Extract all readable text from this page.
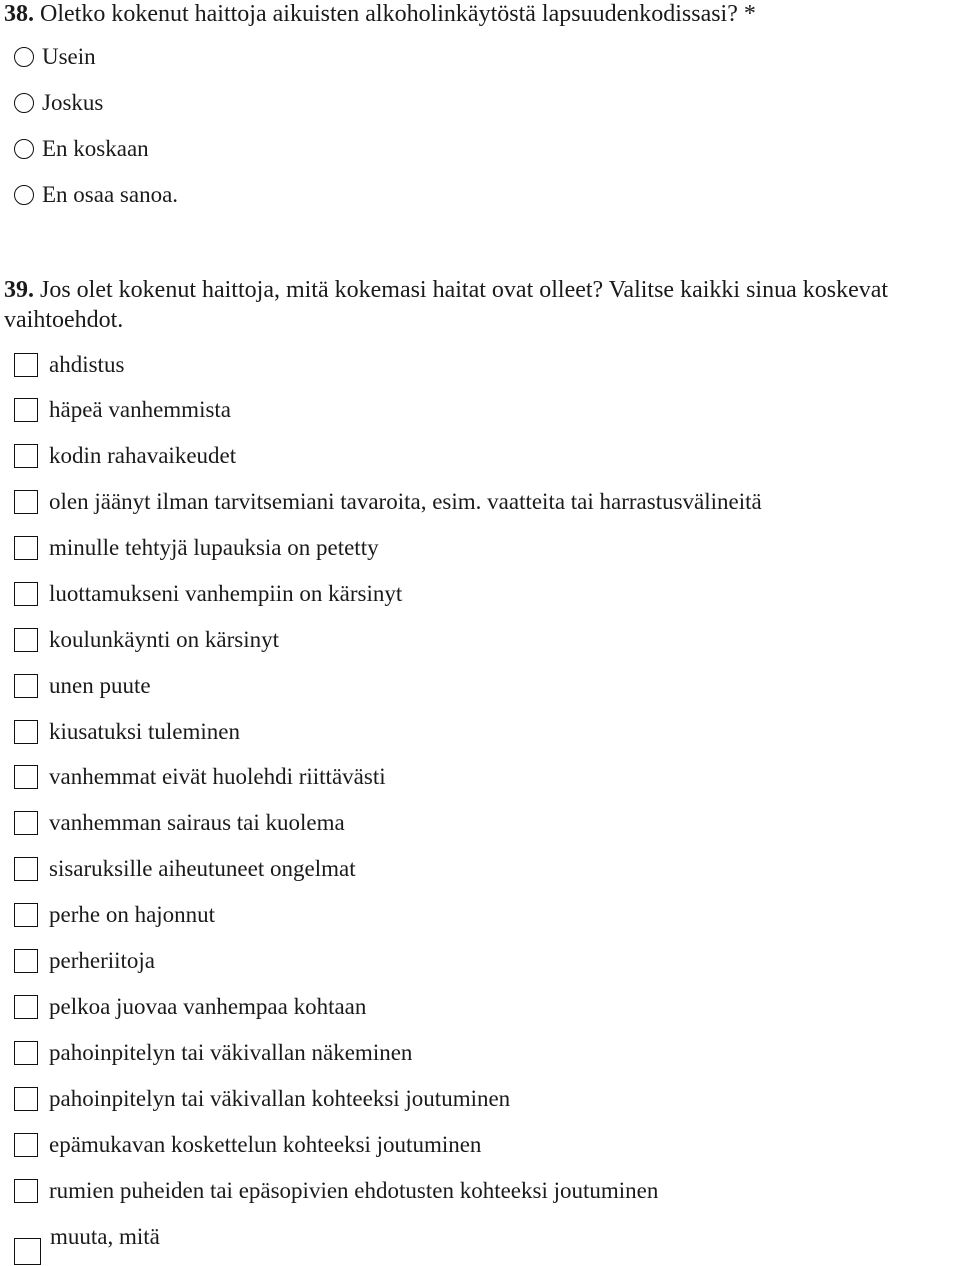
38. Oletko kokenut haittoja aikuisten alkoholinkäytöstä lapsuudenkodissasi? *
Usein
Joskus
En koskaan
En osaa sanoa.
39. Jos olet kokenut haittoja, mitä kokemasi haitat ovat olleet? Valitse kaikki sinua koskevat vaihtoehdot.
ahdistus
häpeä vanhemmista
kodin rahavaikeudet
olen jäänyt ilman tarvitsemiani tavaroita, esim. vaatteita tai harrastusvälineitä
minulle tehtyjä lupauksia on petetty
luottamukseni vanhempiin on kärsinyt
koulunkäynti on kärsinyt
unen puute
kiusatuksi tuleminen
vanhemmat eivät huolehdi riittävästi
vanhemman sairaus tai kuolema
sisaruksille aiheutuneet ongelmat
perhe on hajonnut
perheriitoja
pelkoa juovaa vanhempaa kohtaan
pahoinpitelyn tai väkivallan näkeminen
pahoinpitelyn tai väkivallan kohteeksi joutuminen
epämukavan koskettelun kohteeksi joutuminen
rumien puheiden tai epäsopivien ehdotusten kohteeksi joutuminen
muuta, mitä
